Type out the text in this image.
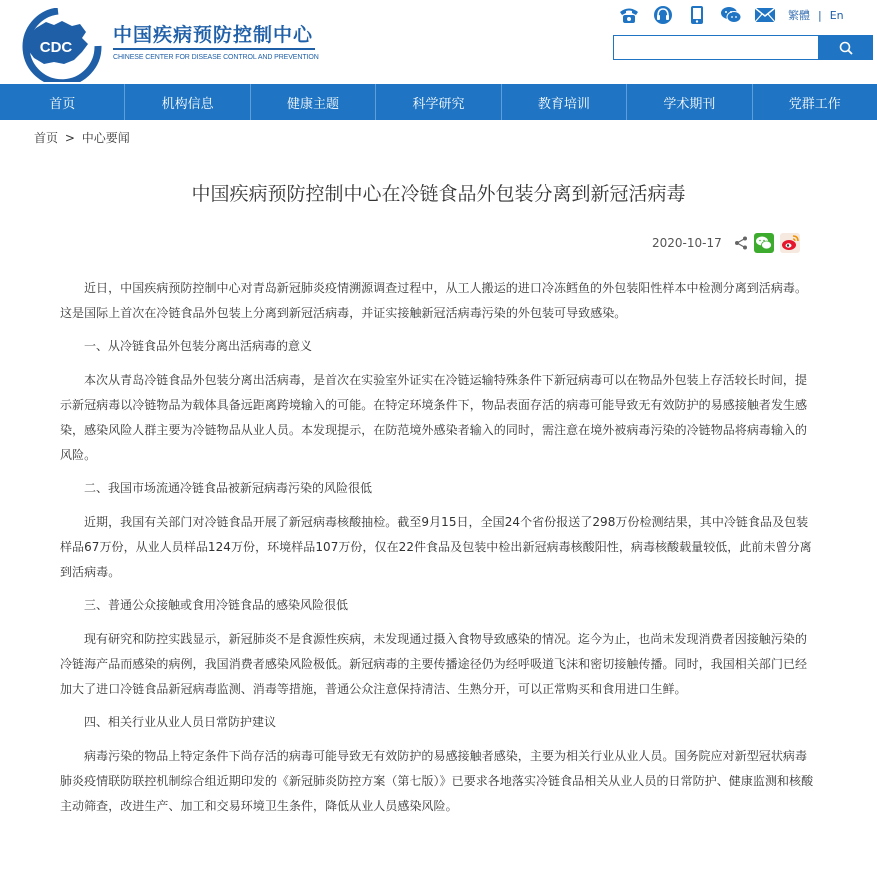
CDC
中国疾病预防控制中心
CHINESE CENTER FOR DISEASE CONTROL AND PREVENTION
繁體 | En
首页	机构信息	健康主题	科学研究	教育培训	学术期刊	党群工作
首页 > 中心要闻
中国疾病预防控制中心在冷链食品外包装分离到新冠活病毒
2020-10-17

近日，中国疾病预防控制中心对青岛新冠肺炎疫情溯源调查过程中，从工人搬运的进口冷冻鳕鱼的外包装阳性样本中检测分离到活病毒。这是国际上首次在冷链食品外包装上分离到新冠活病毒，并证实接触新冠活病毒污染的外包装可导致感染。

一、从冷链食品外包装分离出活病毒的意义

本次从青岛冷链食品外包装分离出活病毒，是首次在实验室外证实在冷链运输特殊条件下新冠病毒可以在物品外包装上存活较长时间，提示新冠病毒以冷链物品为载体具备远距离跨境输入的可能。在特定环境条件下，物品表面存活的病毒可能导致无有效防护的易感接触者发生感染，感染风险人群主要为冷链物品从业人员。本发现提示，在防范境外感染者输入的同时，需注意在境外被病毒污染的冷链物品将病毒输入的风险。

二、我国市场流通冷链食品被新冠病毒污染的风险很低

近期，我国有关部门对冷链食品开展了新冠病毒核酸抽检。截至9月15日，全国24个省份报送了298万份检测结果，其中冷链食品及包装样品67万份，从业人员样品124万份，环境样品107万份，仅在22件食品及包装中检出新冠病毒核酸阳性，病毒核酸载量较低，此前未曾分离到活病毒。

三、普通公众接触或食用冷链食品的感染风险很低

现有研究和防控实践显示，新冠肺炎不是食源性疾病，未发现通过摄入食物导致感染的情况。迄今为止，也尚未发现消费者因接触污染的冷链海产品而感染的病例，我国消费者感染风险极低。新冠病毒的主要传播途径仍为经呼吸道飞沫和密切接触传播。同时，我国相关部门已经加大了进口冷链食品新冠病毒监测、消毒等措施，普通公众注意保持清洁、生熟分开，可以正常购买和食用进口生鲜。

四、相关行业从业人员日常防护建议

病毒污染的物品上特定条件下尚存活的病毒可能导致无有效防护的易感接触者感染，主要为相关行业从业人员。国务院应对新型冠状病毒肺炎疫情联防联控机制综合组近期印发的《新冠肺炎防控方案（第七版）》已要求各地落实冷链食品相关从业人员的日常防护、健康监测和核酸主动筛查，改进生产、加工和交易环境卫生条件，降低从业人员感染风险。
